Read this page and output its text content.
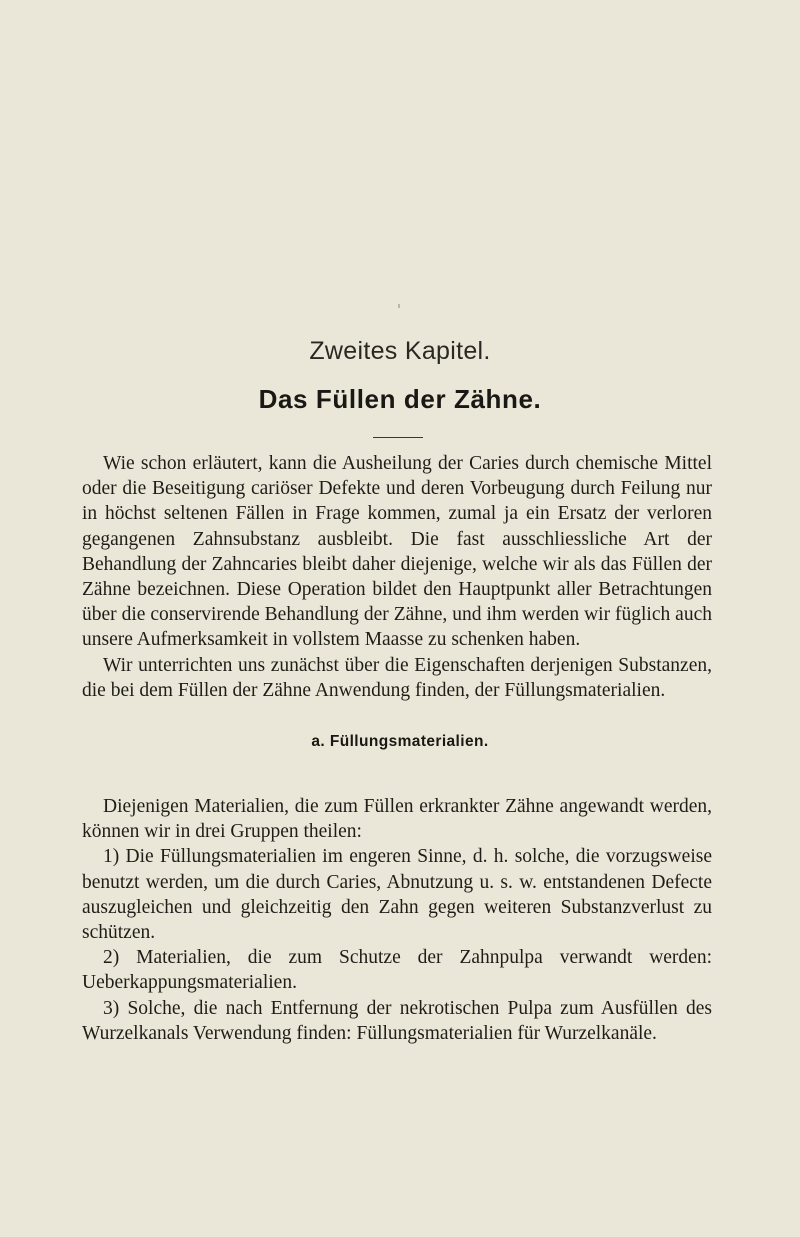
Zweites Kapitel.
Das Füllen der Zähne.

Wie schon erläutert, kann die Ausheilung der Caries durch chemische Mittel oder die Beseitigung cariöser Defekte und deren Vorbeugung durch Feilung nur in höchst seltenen Fällen in Frage kommen, zumal ja ein Ersatz der verloren gegangenen Zahnsubstanz ausbleibt. Die fast ausschliessliche Art der Behandlung der Zahncaries bleibt daher diejenige, welche wir als das Füllen der Zähne bezeichnen. Diese Operation bildet den Hauptpunkt aller Betrachtungen über die conservirende Behandlung der Zähne, und ihm werden wir füglich auch unsere Aufmerksamkeit in vollstem Maasse zu schenken haben.

Wir unterrichten uns zunächst über die Eigenschaften derjenigen Substanzen, die bei dem Füllen der Zähne Anwendung finden, der Füllungsmaterialien.

a. Füllungsmaterialien.

Diejenigen Materialien, die zum Füllen erkrankter Zähne angewandt werden, können wir in drei Gruppen theilen:

1) Die Füllungsmaterialien im engeren Sinne, d. h. solche, die vorzugsweise benutzt werden, um die durch Caries, Abnutzung u. s. w. entstandenen Defecte auszugleichen und gleichzeitig den Zahn gegen weiteren Substanzverlust zu schützen.

2) Materialien, die zum Schutze der Zahnpulpa verwandt werden: Ueberkappungsmaterialien.

3) Solche, die nach Entfernung der nekrotischen Pulpa zum Ausfüllen des Wurzelkanals Verwendung finden: Füllungsmaterialien für Wurzelkanäle.
